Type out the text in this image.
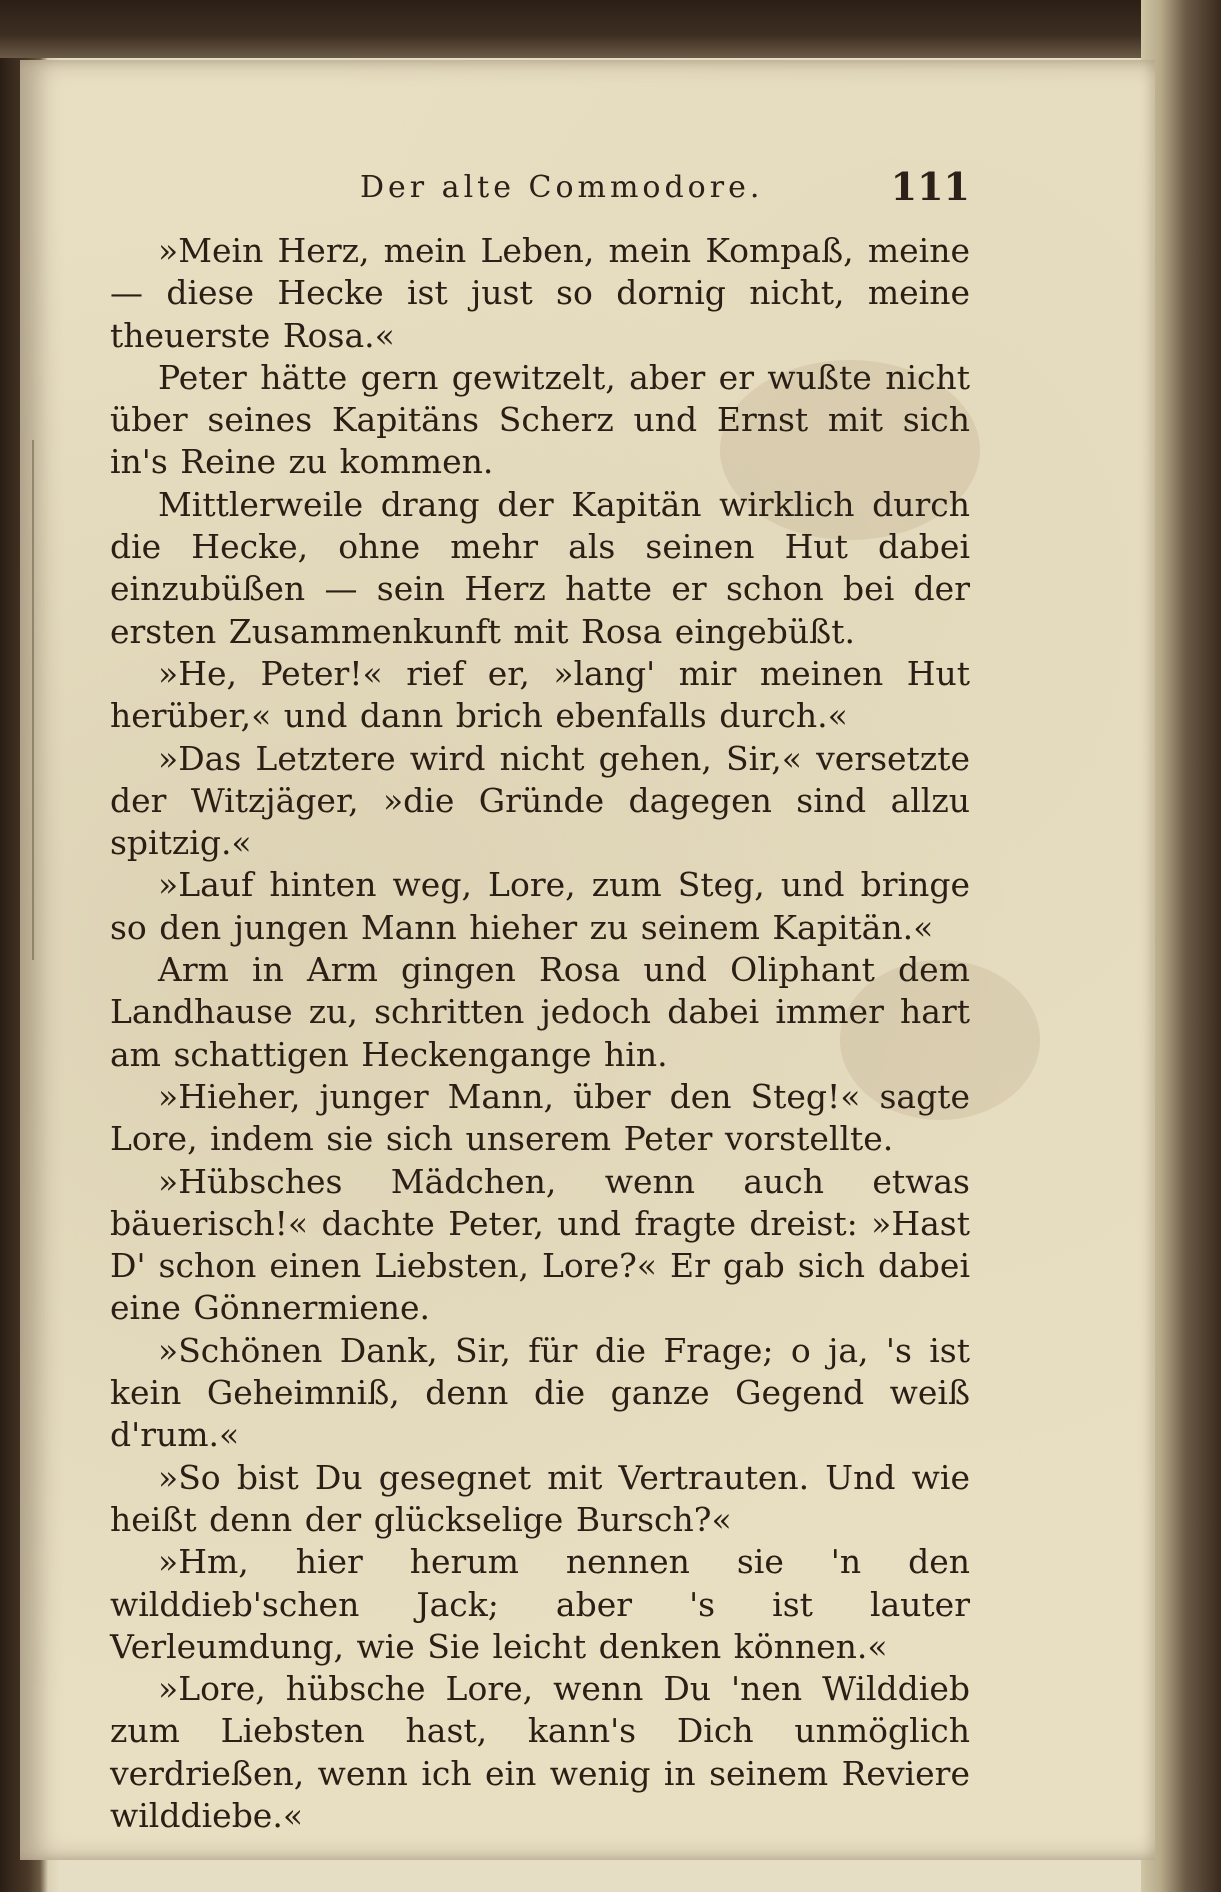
Der alte Commodore.	111

»Mein Herz, mein Leben, mein Kompaß, meine — diese Hecke ist just so dornig nicht, meine theuerste Rosa.«

Peter hätte gern gewitzelt, aber er wußte nicht über seines Kapitäns Scherz und Ernst mit sich in's Reine zu kommen.

Mittlerweile drang der Kapitän wirklich durch die Hecke, ohne mehr als seinen Hut dabei einzubüßen — sein Herz hatte er schon bei der ersten Zusammenkunft mit Rosa eingebüßt.

»He, Peter!« rief er, »lang' mir meinen Hut herüber,« und dann brich ebenfalls durch.«

»Das Letztere wird nicht gehen, Sir,« versetzte der Witzjäger, »die Gründe dagegen sind allzu spitzig.«

»Lauf hinten weg, Lore, zum Steg, und bringe so den jungen Mann hieher zu seinem Kapitän.«

Arm in Arm gingen Rosa und Oliphant dem Landhause zu, schritten jedoch dabei immer hart am schattigen Heckengange hin.

»Hieher, junger Mann, über den Steg!« sagte Lore, indem sie sich unserem Peter vorstellte.

»Hübsches Mädchen, wenn auch etwas bäuerisch!« dachte Peter, und fragte dreist: »Hast D' schon einen Liebsten, Lore?« Er gab sich dabei eine Gönnermiene.

»Schönen Dank, Sir, für die Frage; o ja, 's ist kein Geheimniß, denn die ganze Gegend weiß d'rum.«

»So bist Du gesegnet mit Vertrauten. Und wie heißt denn der glückselige Bursch?«

»Hm, hier herum nennen sie 'n den wilddieb'schen Jack; aber 's ist lauter Verleumdung, wie Sie leicht denken können.«

»Lore, hübsche Lore, wenn Du 'nen Wilddieb zum Liebsten hast, kann's Dich unmöglich verdrießen, wenn ich ein wenig in seinem Reviere wilddiebe.«
